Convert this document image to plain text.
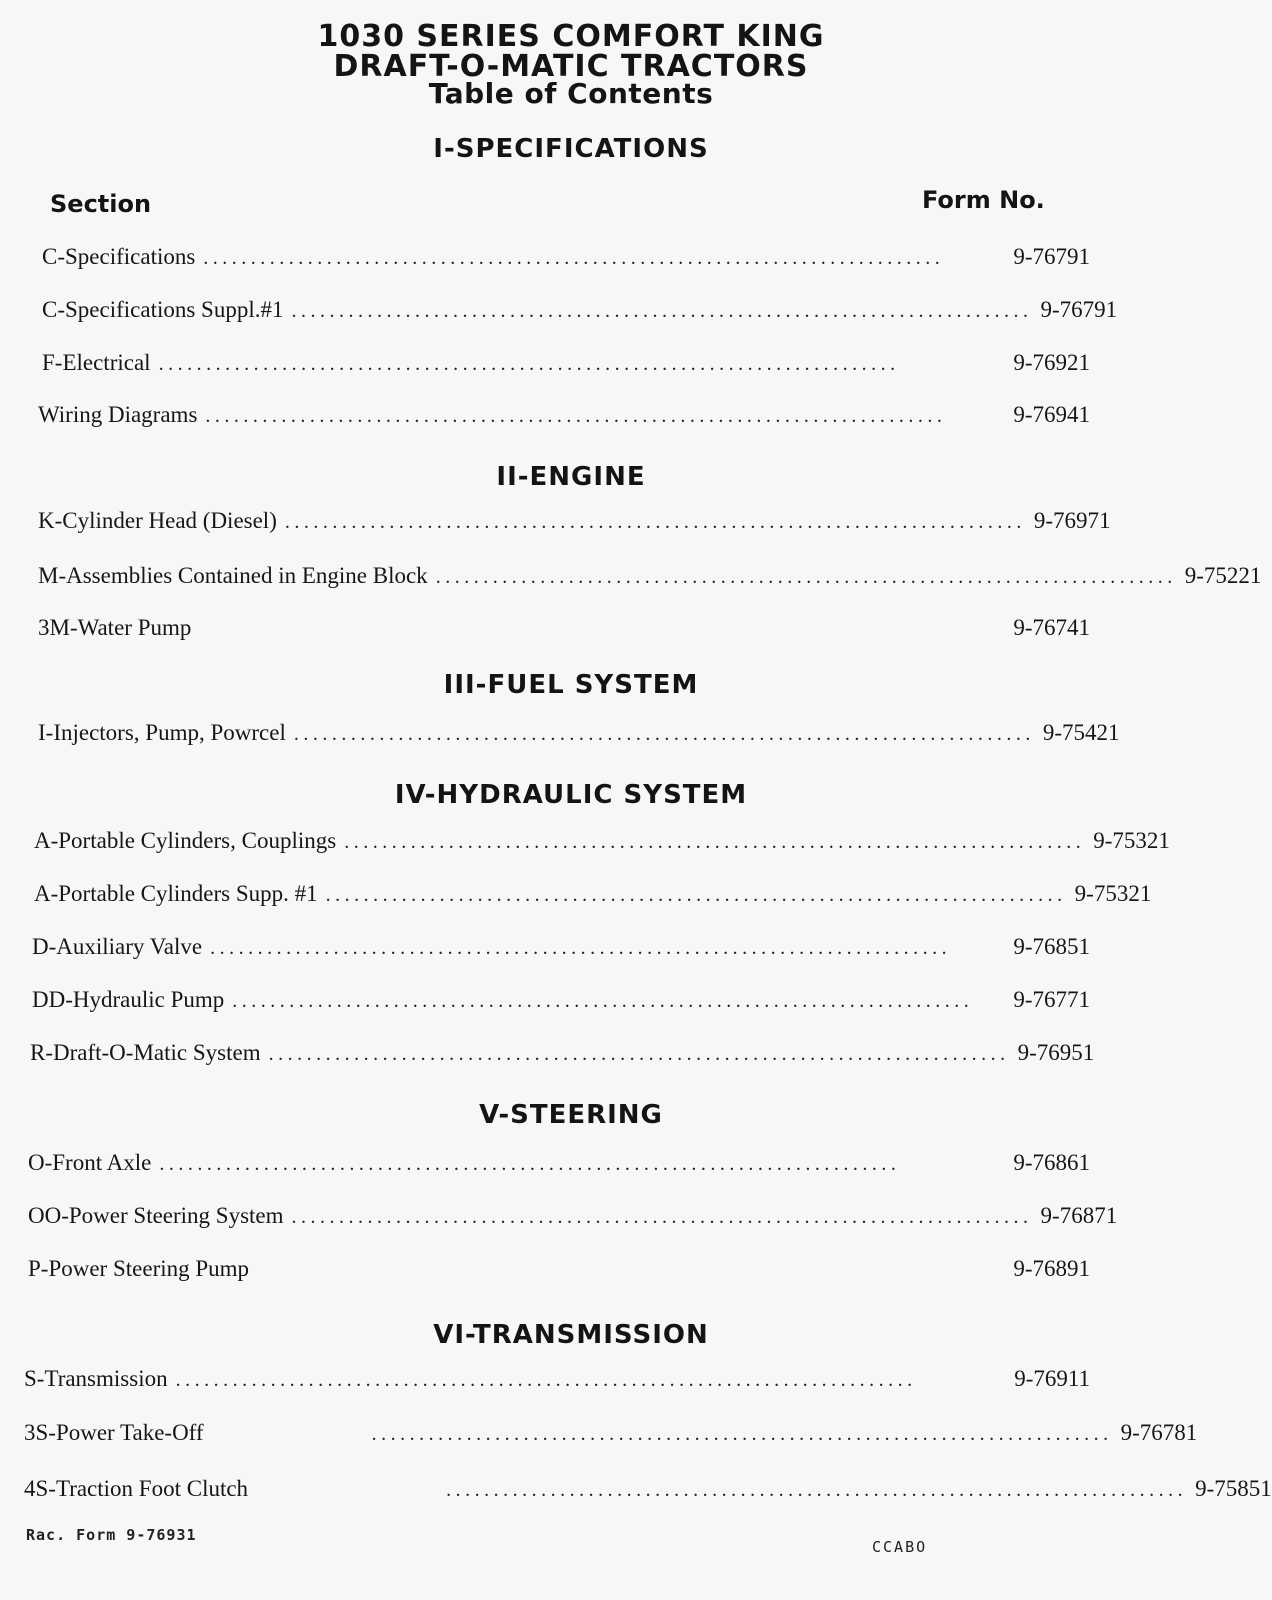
1030 SERIES COMFORT KING
DRAFT-O-MATIC TRACTORS
Table of Contents
I-SPECIFICATIONS
Section	Form No.
C-Specifications ..............................................................................	9-76791
C-Specifications Suppl.#1 .............................................................................. 9-76791
F-Electrical ..............................................................................	9-76921
Wiring Diagrams ..............................................................................	9-76941
II-ENGINE
K-Cylinder Head (Diesel) .............................................................................. 9-76971
M-Assemblies Contained in Engine Block .............................................................................. 9-75221
3M-Water Pump	9-76741
III-FUEL SYSTEM
I-Injectors, Pump, Powrcel .............................................................................. 9-75421
IV-HYDRAULIC SYSTEM
A-Portable Cylinders, Couplings .............................................................................. 9-75321
A-Portable Cylinders Supp. #1 .............................................................................. 9-75321
D-Auxiliary Valve ..............................................................................	9-76851
DD-Hydraulic Pump ..............................................................................	9-76771
R-Draft-O-Matic System .............................................................................. 9-76951
V-STEERING
O-Front Axle ..............................................................................	9-76861
OO-Power Steering System .............................................................................. 9-76871
P-Power Steering Pump	9-76891
VI-TRANSMISSION
S-Transmission ..............................................................................	9-76911
3S-Power Take-Off	.............................................................................. 9-76781
4S-Traction Foot Clutch	.............................................................................. 9-75851
Rac. Form 9-76931
CCABO
